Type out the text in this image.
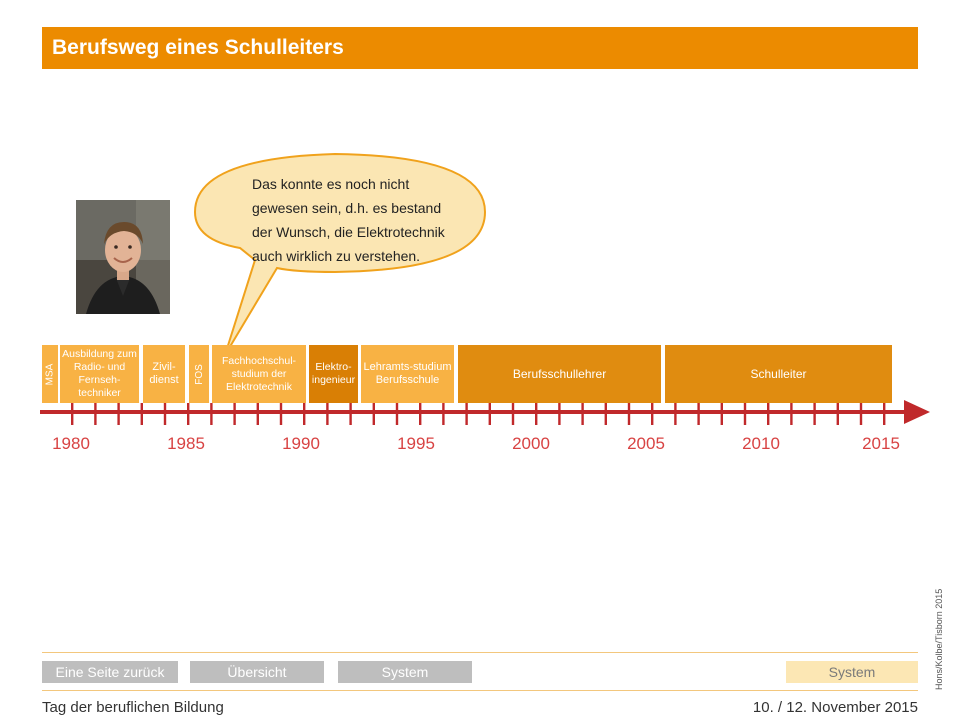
Berufsweg eines Schulleiters
Das konnte es noch nicht
gewesen sein, d.h. es bestand
der Wunsch, die Elektrotechnik
auch wirklich zu verstehen.
MSA
Ausbildung zum Radio- und Fernseh-techniker
Zivil-dienst	FOS
Fachhochschul-studium der Elektrotechnik
Elektro-ingenieur
Lehramts-studium Berufsschule	Berufsschullehrer	Schulleiter
1980	1985	1990	1995	2000	2005	2010	2015
Hons/Kolbe/Tisborn 2015
Eine Seite zurück	Übersicht	System	System
Tag der beruflichen Bildung	10. / 12. November 2015
